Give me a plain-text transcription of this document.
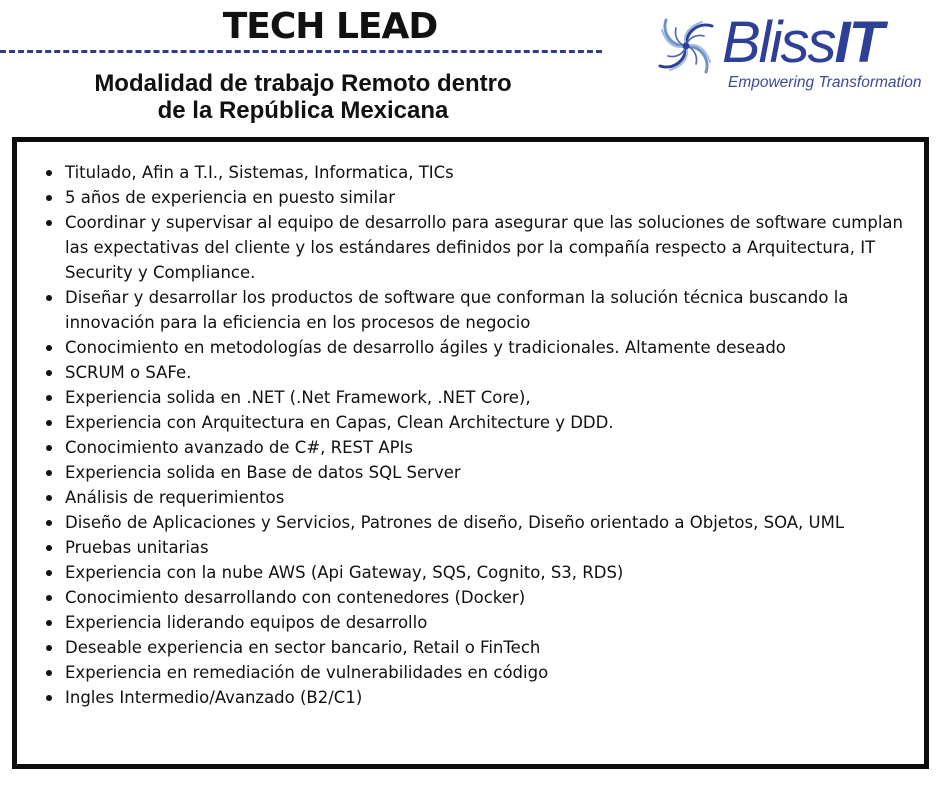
TECH LEAD
Modalidad de trabajo Remoto dentro
de la República Mexicana
BlissIT
Empowering Transformation
Titulado, Afin a T.I., Sistemas, Informatica, TICs
5 años de experiencia en puesto similar
Coordinar y supervisar al equipo de desarrollo para asegurar que las soluciones de software cumplan las expectativas del cliente y los estándares definidos por la compañía respecto a Arquitectura, IT Security y Compliance.
Diseñar y desarrollar los productos de software que conforman la solución técnica buscando la innovación para la eficiencia en los procesos de negocio
Conocimiento en metodologías de desarrollo ágiles y tradicionales. Altamente deseado
SCRUM o SAFe.
Experiencia solida en .NET (.Net Framework, .NET Core),
Experiencia con Arquitectura en Capas, Clean Architecture y DDD.
Conocimiento avanzado de C#, REST APIs
Experiencia solida en Base de datos SQL Server
Análisis de requerimientos
Diseño de Aplicaciones y Servicios, Patrones de diseño, Diseño orientado a Objetos, SOA, UML
Pruebas unitarias
Experiencia con la nube AWS (Api Gateway, SQS, Cognito, S3, RDS)
Conocimiento desarrollando con contenedores (Docker)
Experiencia liderando equipos de desarrollo
Deseable experiencia en sector bancario, Retail o FinTech
Experiencia en remediación de vulnerabilidades en código
Ingles Intermedio/Avanzado (B2/C1)
